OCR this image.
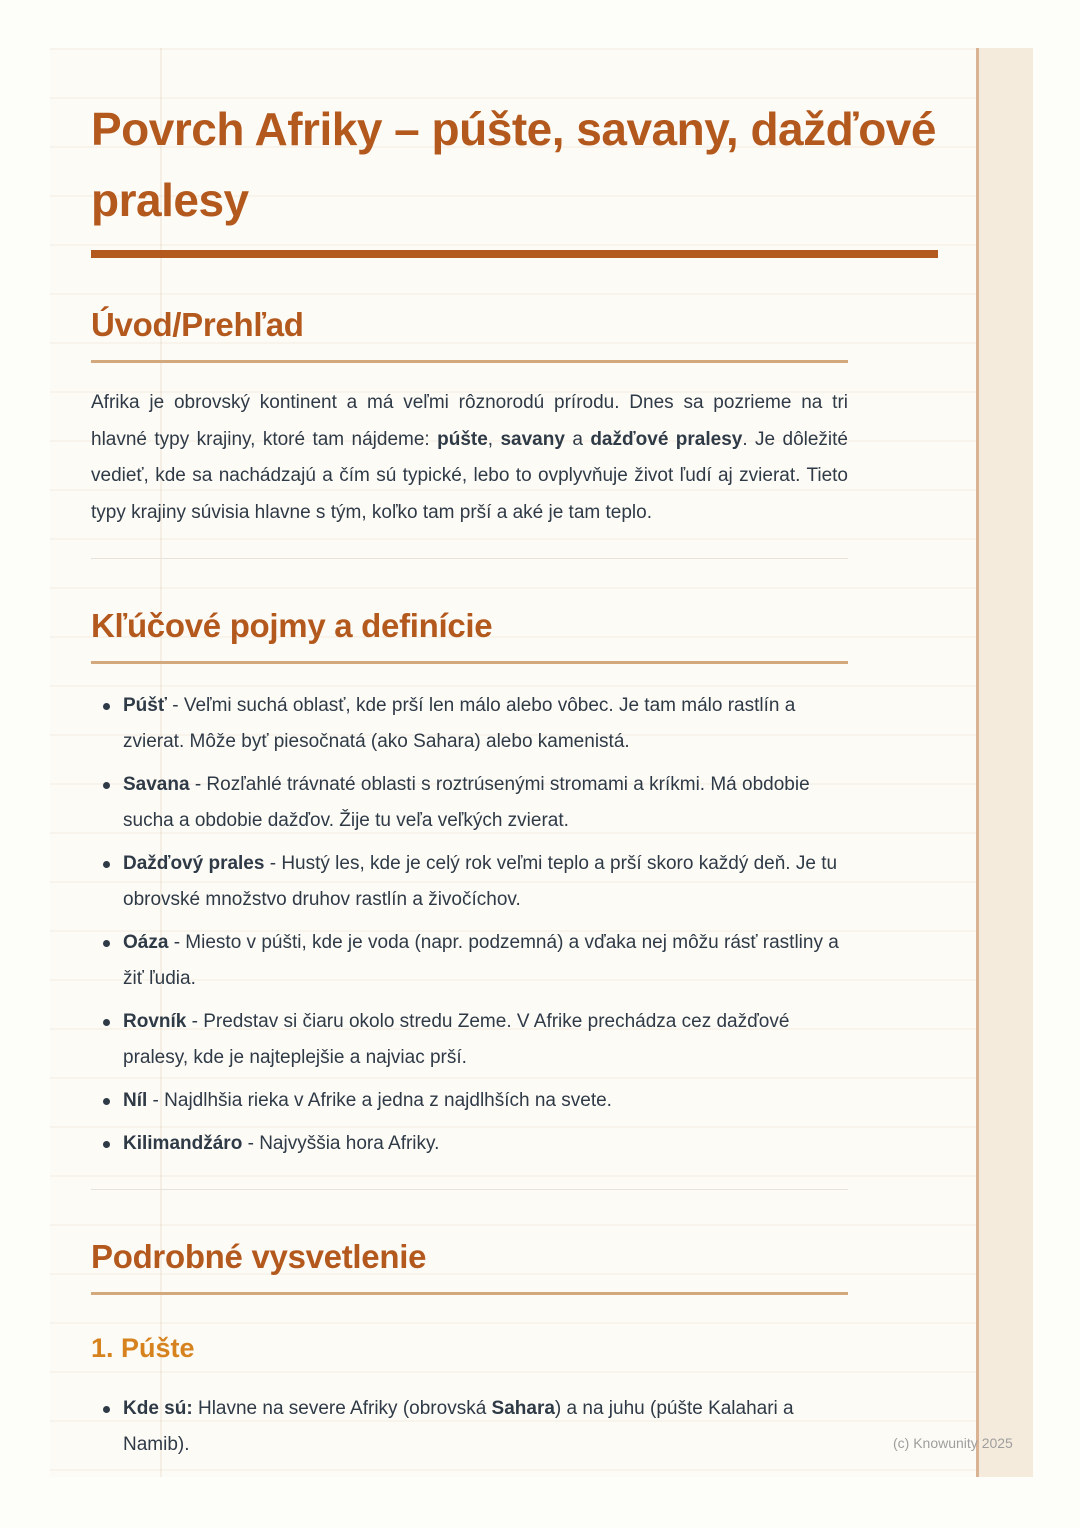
Povrch Afriky – púšte, savany, dažďové pralesy
Úvod/Prehľad

Afrika je obrovský kontinent a má veľmi rôznorodú prírodu. Dnes sa pozrieme na tri hlavné typy krajiny, ktoré tam nájdeme: púšte, savany a dažďové pralesy. Je dôležité vedieť, kde sa nachádzajú a čím sú typické, lebo to ovplyvňuje život ľudí aj zvierat. Tieto typy krajiny súvisia hlavne s tým, koľko tam prší a aké je tam teplo.

Kľúčové pojmy a definície
Púšť - Veľmi suchá oblasť, kde prší len málo alebo vôbec. Je tam málo rastlín a zvierat. Môže byť piesočnatá (ako Sahara) alebo kamenistá.
Savana - Rozľahlé trávnaté oblasti s roztrúsenými stromami a kríkmi. Má obdobie sucha a obdobie dažďov. Žije tu veľa veľkých zvierat.
Dažďový prales - Hustý les, kde je celý rok veľmi teplo a prší skoro každý deň. Je tu obrovské množstvo druhov rastlín a živočíchov.
Oáza - Miesto v púšti, kde je voda (napr. podzemná) a vďaka nej môžu rásť rastliny a žiť ľudia.
Rovník - Predstav si čiaru okolo stredu Zeme. V Afrike prechádza cez dažďové pralesy, kde je najteplejšie a najviac prší.
Níl - Najdlhšia rieka v Afrike a jedna z najdlhších na svete.
Kilimandžáro - Najvyššia hora Afriky.
Podrobné vysvetlenie
1. Púšte
Kde sú: Hlavne na severe Afriky (obrovská Sahara) a na juhu (púšte Kalahari a Namib).	(c) Knowunity 2025
